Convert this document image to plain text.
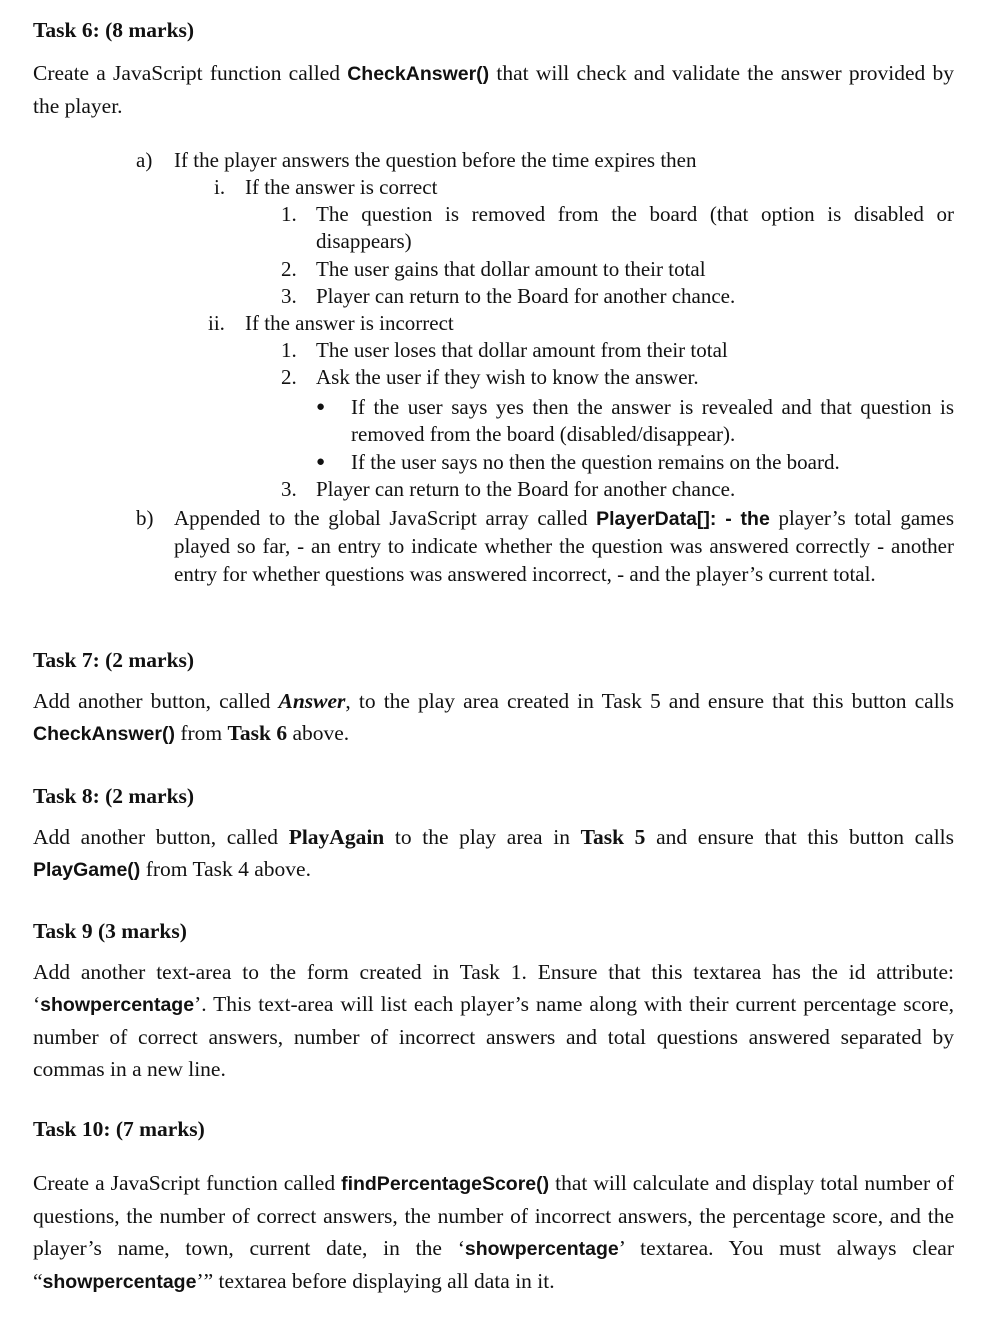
Task 6: (8 marks)
Create a JavaScript function called CheckAnswer() that will check and validate the answer provided by the player.
a) If the player answers the question before the time expires then
i. If the answer is correct
1. The question is removed from the board (that option is disabled or disappears)
2. The user gains that dollar amount to their total
3. Player can return to the Board for another chance.
ii. If the answer is incorrect
1. The user loses that dollar amount from their total
2. Ask the user if they wish to know the answer.
● If the user says yes then the answer is revealed and that question is removed from the board (disabled/disappear).
● If the user says no then the question remains on the board.
3. Player can return to the Board for another chance.
b) Appended to the global JavaScript array called PlayerData[]: - the player’s total games played so far, - an entry to indicate whether the question was answered correctly - another entry for whether questions was answered incorrect, - and the player’s current total.
Task 7: (2 marks)
Add another button, called Answer, to the play area created in Task 5 and ensure that this button calls CheckAnswer() from Task 6 above.
Task 8: (2 marks)
Add another button, called PlayAgain to the play area in Task 5 and ensure that this button calls PlayGame() from Task 4 above.
Task 9 (3 marks)
Add another text-area to the form created in Task 1. Ensure that this textarea has the id attribute: ‘showpercentage’. This text-area will list each player’s name along with their current percentage score, number of correct answers, number of incorrect answers and total questions answered separated by commas in a new line.
Task 10: (7 marks)
Create a JavaScript function called findPercentageScore() that will calculate and display total number of questions, the number of correct answers, the number of incorrect answers, the percentage score, and the player’s name, town, current date, in the ‘showpercentage’ textarea. You must always clear “showpercentage’” textarea before displaying all data in it.
